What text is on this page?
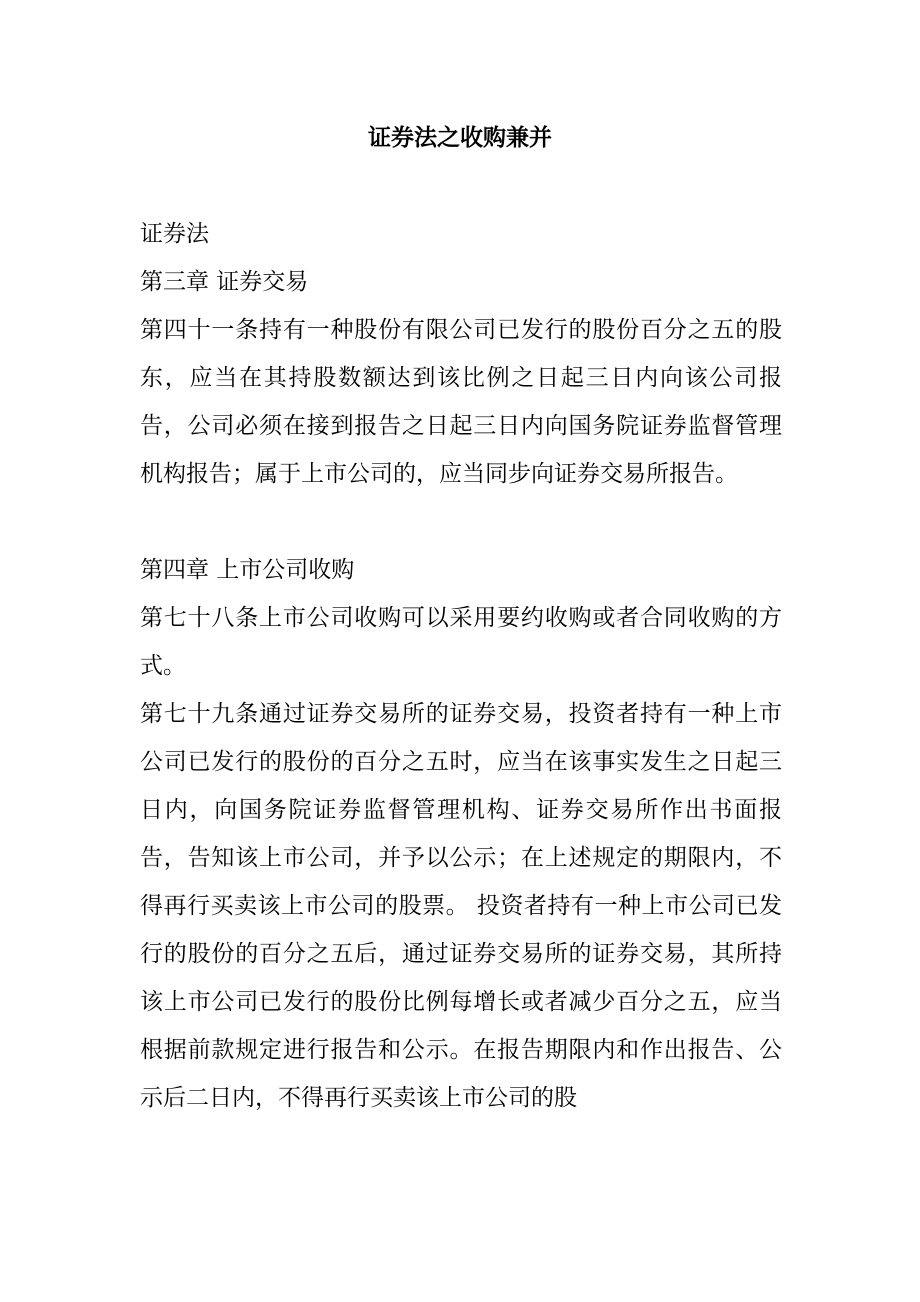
证券法之收购兼并

证券法

第三章 证券交易

第四十一条持有一种股份有限公司已发行的股份百分之五的股东，应当在其持股数额达到该比例之日起三日内向该公司报告，公司必须在接到报告之日起三日内向国务院证券监督管理机构报告；属于上市公司的，应当同步向证券交易所报告。

第四章 上市公司收购

第七十八条上市公司收购可以采用要约收购或者合同收购的方式。

第七十九条通过证券交易所的证券交易，投资者持有一种上市公司已发行的股份的百分之五时，应当在该事实发生之日起三日内，向国务院证券监督管理机构、证券交易所作出书面报告，告知该上市公司，并予以公示；在上述规定的期限内，不得再行买卖该上市公司的股票。 投资者持有一种上市公司已发行的股份的百分之五后，通过证券交易所的证券交易，其所持该上市公司已发行的股份比例每增长或者减少百分之五，应当根据前款规定进行报告和公示。在报告期限内和作出报告、公示后二日内，不得再行买卖该上市公司的股
